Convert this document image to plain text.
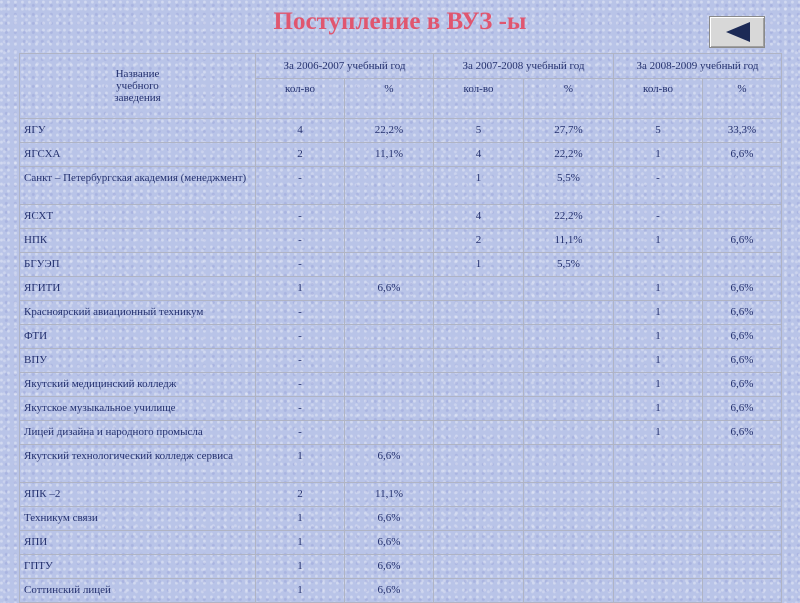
Поступление в ВУЗ -ы
Название
учебного
заведения	За 2006-2007 учебный год		За 2007-2008 учебный год		За 2008-2009 учебный год	
	кол-во	%	кол-во	%	кол-во	%
ЯГУ	4	22,2%	5	27,7%	5	33,3%
ЯГСХА	2	11,1%	4	22,2%	1	6,6%
Санкт – Петербургская академия (менеджмент)	-		1	5,5%	-	
ЯСХТ	-		4	22,2%	-	
НПК	-		2	11,1%	1	6,6%
БГУЭП	-		1	5,5%		
ЯГИТИ	1	6,6%			1	6,6%
Красноярский авиационный техникум	-				1	6,6%
ФТИ	-				1	6,6%
ВПУ	-				1	6,6%
Якутский медицинский колледж	-				1	6,6%
Якутское музыкальное училище	-				1	6,6%
Лицей дизайна и народного промысла	-				1	6,6%
Якутский технологический колледж сервиса	1	6,6%				
ЯПК –2	2	11,1%				
Техникум связи	1	6,6%				
ЯПИ	1	6,6%				
ГПТУ	1	6,6%				
Соттинский лицей	1	6,6%				
